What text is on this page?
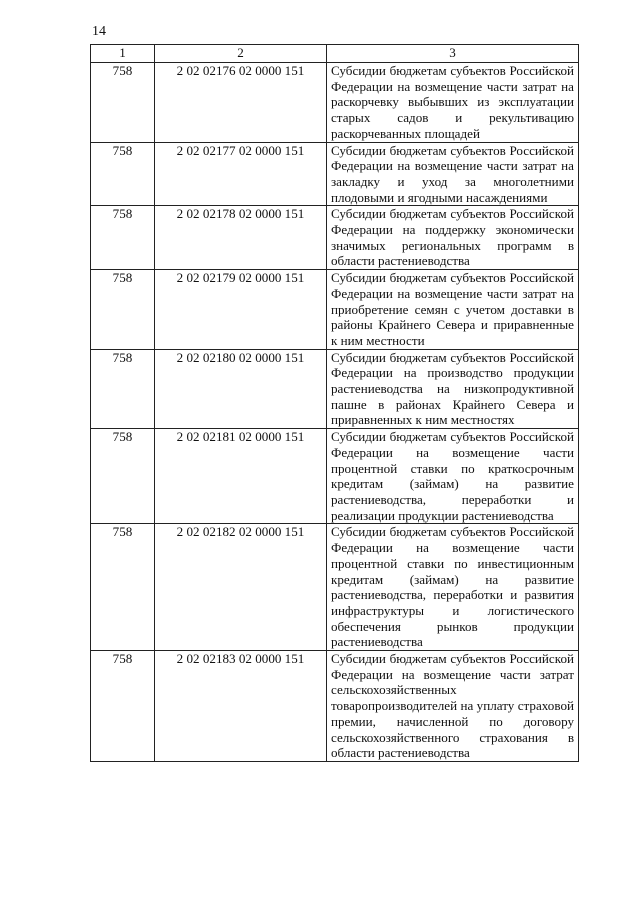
14
1	2	3
758	2 02 02176 02 0000 151	Субсидии бюджетам субъектов Российской Федерации на возмещение части затрат на раскорчевку выбывших из эксплуатации старых садов и рекультивацию раскорчеванных площадей
758	2 02 02177 02 0000 151	Субсидии бюджетам субъектов Российской Федерации на возмещение части затрат на закладку и уход за многолетними плодовыми и ягодными насаждениями
758	2 02 02178 02 0000 151	Субсидии бюджетам субъектов Российской Федерации на поддержку экономически значимых региональных программ в области растениеводства
758	2 02 02179 02 0000 151	Субсидии бюджетам субъектов Российской Федерации на возмещение части затрат на приобретение семян с учетом доставки в районы Крайнего Севера и приравненные к ним местности
758	2 02 02180 02 0000 151	Субсидии бюджетам субъектов Российской Федерации на производство продукции растениеводства на низкопродуктивной пашне в районах Крайнего Севера и приравненных к ним местностях
758	2 02 02181 02 0000 151	Субсидии бюджетам субъектов Российской Федерации на возмещение части процентной ставки по краткосрочным кредитам (займам) на развитие растениеводства, переработки и реализации продукции растениеводства
758	2 02 02182 02 0000 151	Субсидии бюджетам субъектов Российской Федерации на возмещение части процентной ставки по инвестиционным кредитам (займам) на развитие растениеводства, переработки и развития инфраструктуры и логистического обеспечения рынков продукции растениеводства
758	2 02 02183 02 0000 151	Субсидии бюджетам субъектов Российской Федерации на возмещение части затрат сельскохозяйственных товаропроизводителей на уплату страховой премии, начисленной по договору сельскохозяйственного страхования в области растениеводства
